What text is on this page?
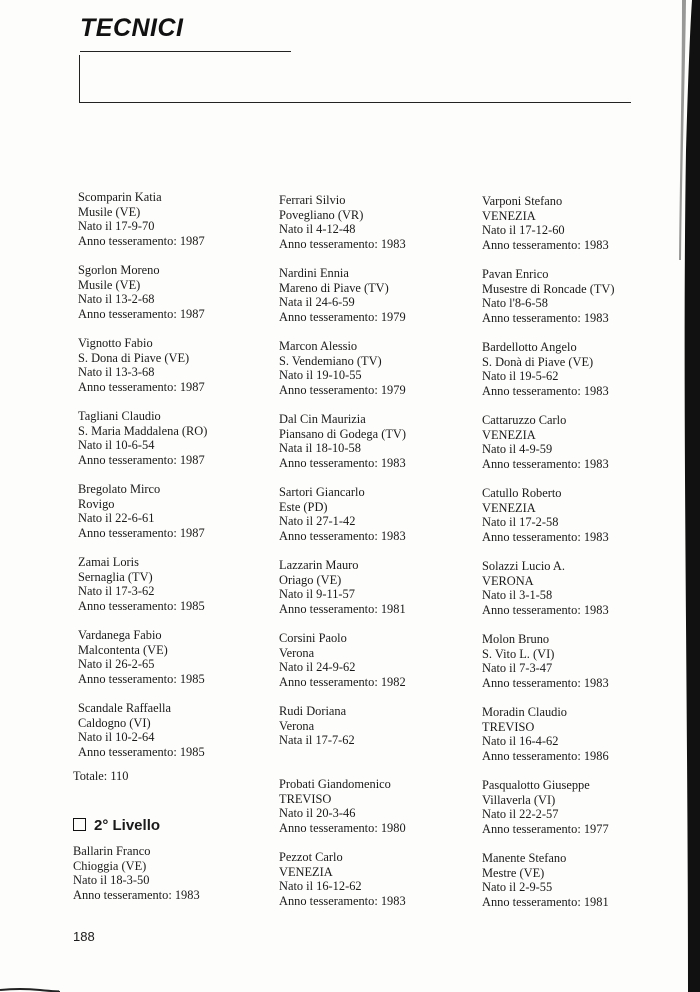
TECNICI
Scomparin Katia
Musile (VE)
Nato il 17-9-70
Anno tesseramento: 1987
Sgorlon Moreno
Musile (VE)
Nato il 13-2-68
Anno tesseramento: 1987
Vignotto Fabio
S. Dona di Piave (VE)
Nato il 13-3-68
Anno tesseramento: 1987
Tagliani Claudio
S. Maria Maddalena (RO)
Nato il 10-6-54
Anno tesseramento: 1987
Bregolato Mirco
Rovigo
Nato il 22-6-61
Anno tesseramento: 1987
Zamai Loris
Sernaglia (TV)
Nato il 17-3-62
Anno tesseramento: 1985
Vardanega Fabio
Malcontenta (VE)
Nato il 26-2-65
Anno tesseramento: 1985
Scandale Raffaella
Caldogno (VI)
Nato il 10-2-64
Anno tesseramento: 1985
Ferrari Silvio
Povegliano (VR)
Nato il 4-12-48
Anno tesseramento: 1983
Nardini Ennia
Mareno di Piave (TV)
Nata il 24-6-59
Anno tesseramento: 1979
Marcon Alessio
S. Vendemiano (TV)
Nato il 19-10-55
Anno tesseramento: 1979
Dal Cin Maurizia
Piansano di Godega (TV)
Nata il 18-10-58
Anno tesseramento: 1983
Sartori Giancarlo
Este (PD)
Nato il 27-1-42
Anno tesseramento: 1983
Lazzarin Mauro
Oriago (VE)
Nato il 9-11-57
Anno tesseramento: 1981
Corsini Paolo
Verona
Nato il 24-9-62
Anno tesseramento: 1982
Rudi Doriana
Verona
Nata il 17-7-62
Probati Giandomenico
TREVISO
Nato il 20-3-46
Anno tesseramento: 1980
Pezzot Carlo
VENEZIA
Nato il 16-12-62
Anno tesseramento: 1983
Varponi Stefano
VENEZIA
Nato il 17-12-60
Anno tesseramento: 1983
Pavan Enrico
Musestre di Roncade (TV)
Nato l'8-6-58
Anno tesseramento: 1983
Bardellotto Angelo
S. Donà di Piave (VE)
Nato il 19-5-62
Anno tesseramento: 1983
Cattaruzzo Carlo
VENEZIA
Nato il 4-9-59
Anno tesseramento: 1983
Catullo Roberto
VENEZIA
Nato il 17-2-58
Anno tesseramento: 1983
Solazzi Lucio A.
VERONA
Nato il 3-1-58
Anno tesseramento: 1983
Molon Bruno
S. Vito L. (VI)
Nato il 7-3-47
Anno tesseramento: 1983
Moradin Claudio
TREVISO
Nato il 16-4-62
Anno tesseramento: 1986
Pasqualotto Giuseppe
Villaverla (VI)
Nato il 22-2-57
Anno tesseramento: 1977
Manente Stefano
Mestre (VE)
Nato il 2-9-55
Anno tesseramento: 1981
Totale: 110
2° Livello
Ballarin Franco
Chioggia (VE)
Nato il 18-3-50
Anno tesseramento: 1983
188
